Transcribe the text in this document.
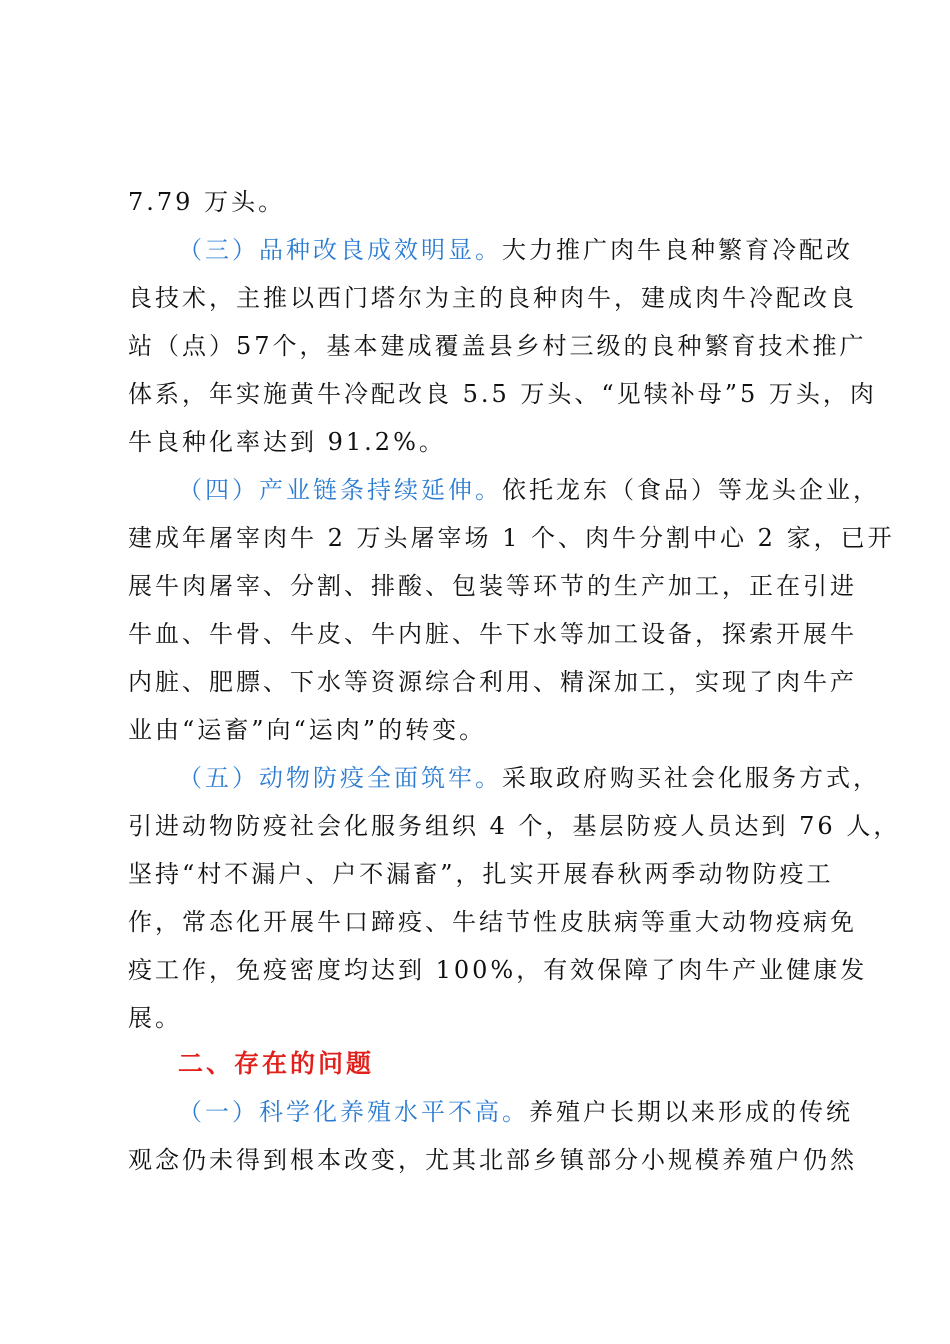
7.79 万头。
（三）品种改良成效明显。大力推广肉牛良种繁育冷配改
良技术，主推以西门塔尔为主的良种肉牛，建成肉牛冷配改良
站（点）57个，基本建成覆盖县乡村三级的良种繁育技术推广
体系，年实施黄牛冷配改良 5.5 万头、“见犊补母”5 万头，肉
牛良种化率达到 91.2%。
（四）产业链条持续延伸。依托龙东（食品）等龙头企业，
建成年屠宰肉牛 2 万头屠宰场 1 个、肉牛分割中心 2 家，已开
展牛肉屠宰、分割、排酸、包装等环节的生产加工，正在引进
牛血、牛骨、牛皮、牛内脏、牛下水等加工设备，探索开展牛
内脏、肥膘、下水等资源综合利用、精深加工，实现了肉牛产
业由“运畜”向“运肉”的转变。
（五）动物防疫全面筑牢。采取政府购买社会化服务方式，
引进动物防疫社会化服务组织 4 个，基层防疫人员达到 76 人，
坚持“村不漏户、户不漏畜”，扎实开展春秋两季动物防疫工
作，常态化开展牛口蹄疫、牛结节性皮肤病等重大动物疫病免
疫工作，免疫密度均达到 100%，有效保障了肉牛产业健康发
展。
二、存在的问题
（一）科学化养殖水平不高。养殖户长期以来形成的传统
观念仍未得到根本改变，尤其北部乡镇部分小规模养殖户仍然
